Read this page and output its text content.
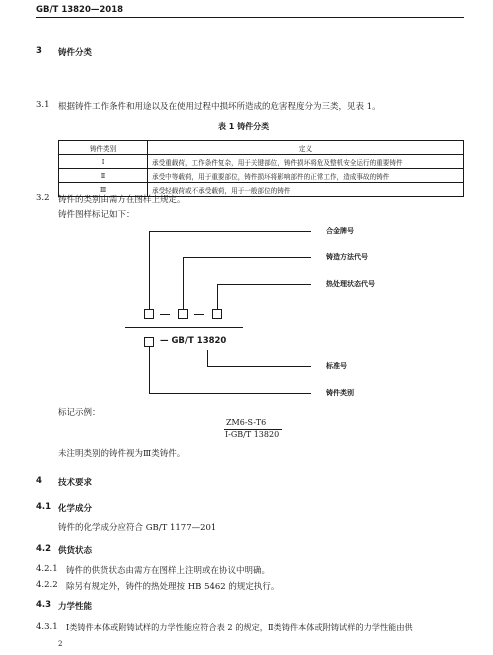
GB/T 13820—2018
3 铸件分类
3.1 根据铸件工作条件和用途以及在使用过程中损坏所造成的危害程度分为三类，见表 1。
表 1 铸件分类
铸件类别	定义
Ⅰ	承受重载荷，工作条件复杂，用于关键部位，铸件损坏将危及整机安全运行的重要铸件
Ⅱ	承受中等载荷，用于重要部位，铸件损坏将影响部件的正常工作，造成事故的铸件
Ⅲ	承受轻载荷或不承受载荷，用于一般部位的铸件
3.2 铸件的类别由需方在图样上规定。
铸件图样标记如下：
合金牌号
铸造方法代号
热处理状态代号
— GB/T 13820
标准号
铸件类别
标记示例：
ZM6-S-T6
Ⅰ-GB/T 13820
未注明类别的铸件视为Ⅲ类铸件。
4 技术要求
4.1 化学成分
铸件的化学成分应符合 GB/T 1177—201
4.2 供货状态
4.2.1 铸件的供货状态由需方在图样上注明或在协议中明确。
4.2.2 除另有规定外，铸件的热处理按 HB 5462 的规定执行。
4.3 力学性能
4.3.1 Ⅰ类铸件本体或附铸试样的力学性能应符合表 2 的规定，Ⅱ类铸件本体或附铸试样的力学性能由供
2
